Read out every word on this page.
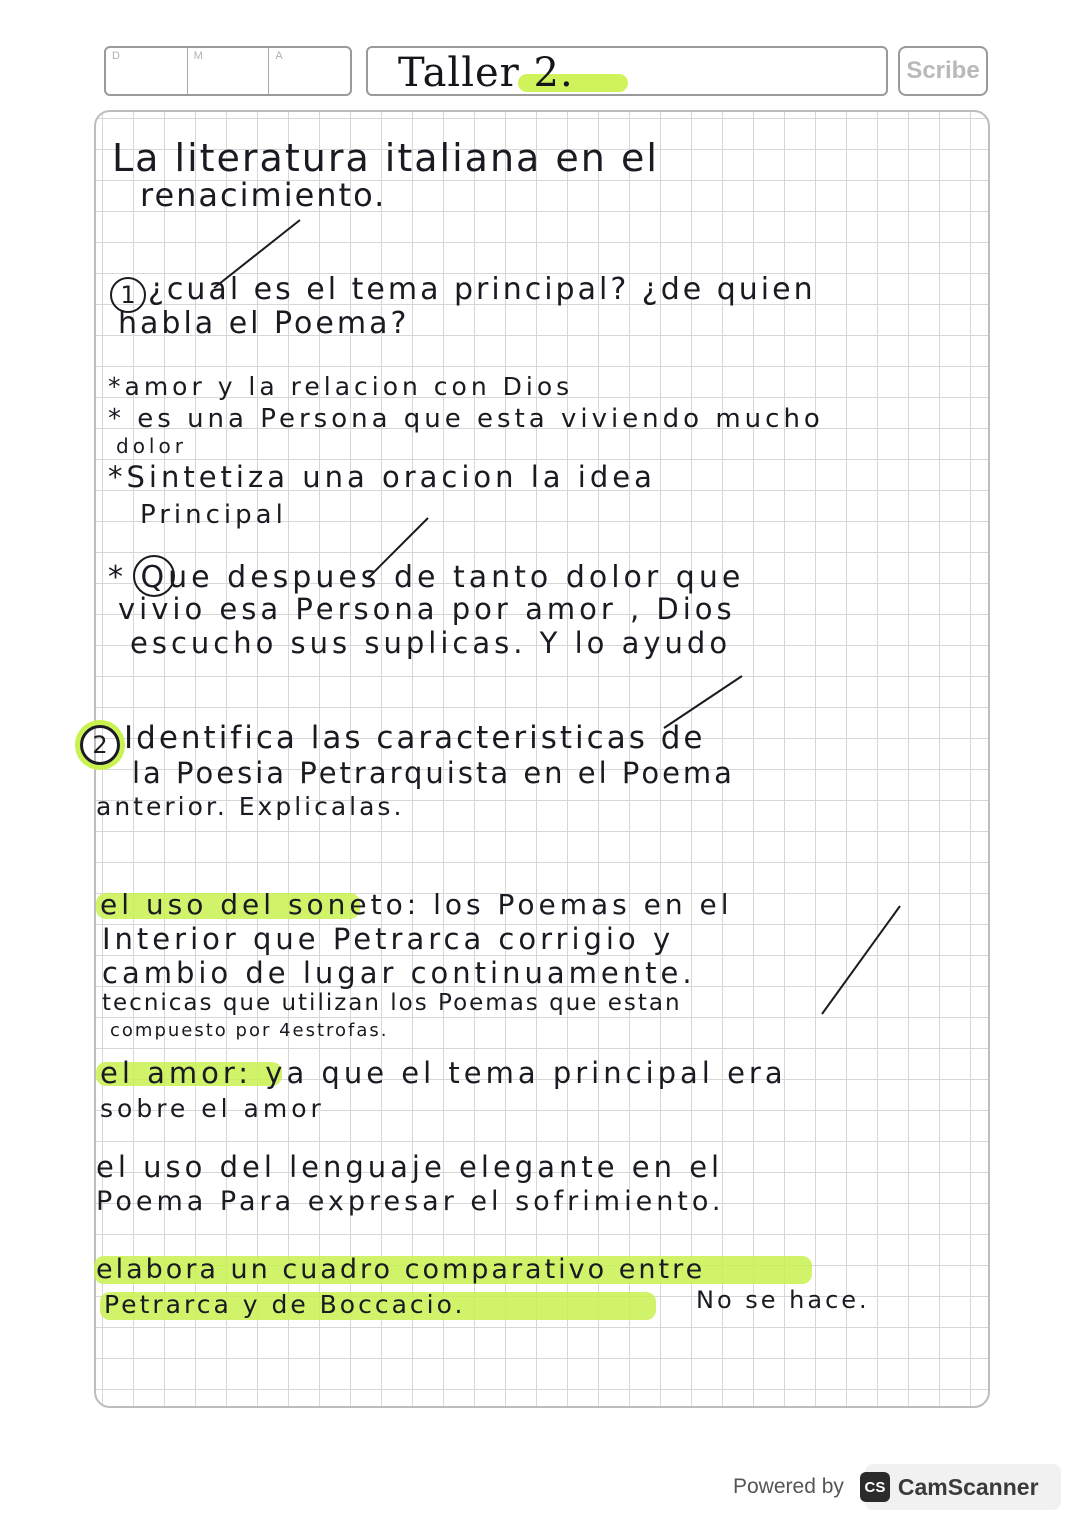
D	M	A	Taller 2.	Scribe
La literatura italiana en el
renacimiento.
1 ¿cual es el tema principal? ¿de quien
habla el Poema?
*amor y la relacion con Dios
* es una Persona que esta viviendo mucho
dolor
*Sintetiza una oracion la idea
Principal
* Que despues de tanto dolor que
vivio esa Persona por amor , Dios
escucho sus suplicas. Y lo ayudo
2 Identifica las caracteristicas de
la Poesia Petrarquista en el Poema
anterior. Explicalas.
el uso del soneto: los Poemas en el
Interior que Petrarca corrigio y
cambio de lugar continuamente.
tecnicas que utilizan los Poemas que estan
compuesto por 4estrofas.
el amor: ya que el tema principal era
sobre el amor
el uso del lenguaje elegante en el
Poema Para expresar el sofrimiento.
elabora un cuadro comparativo entre
Petrarca y de Boccacio.	No se hace.
Powered by	CS CamScanner
